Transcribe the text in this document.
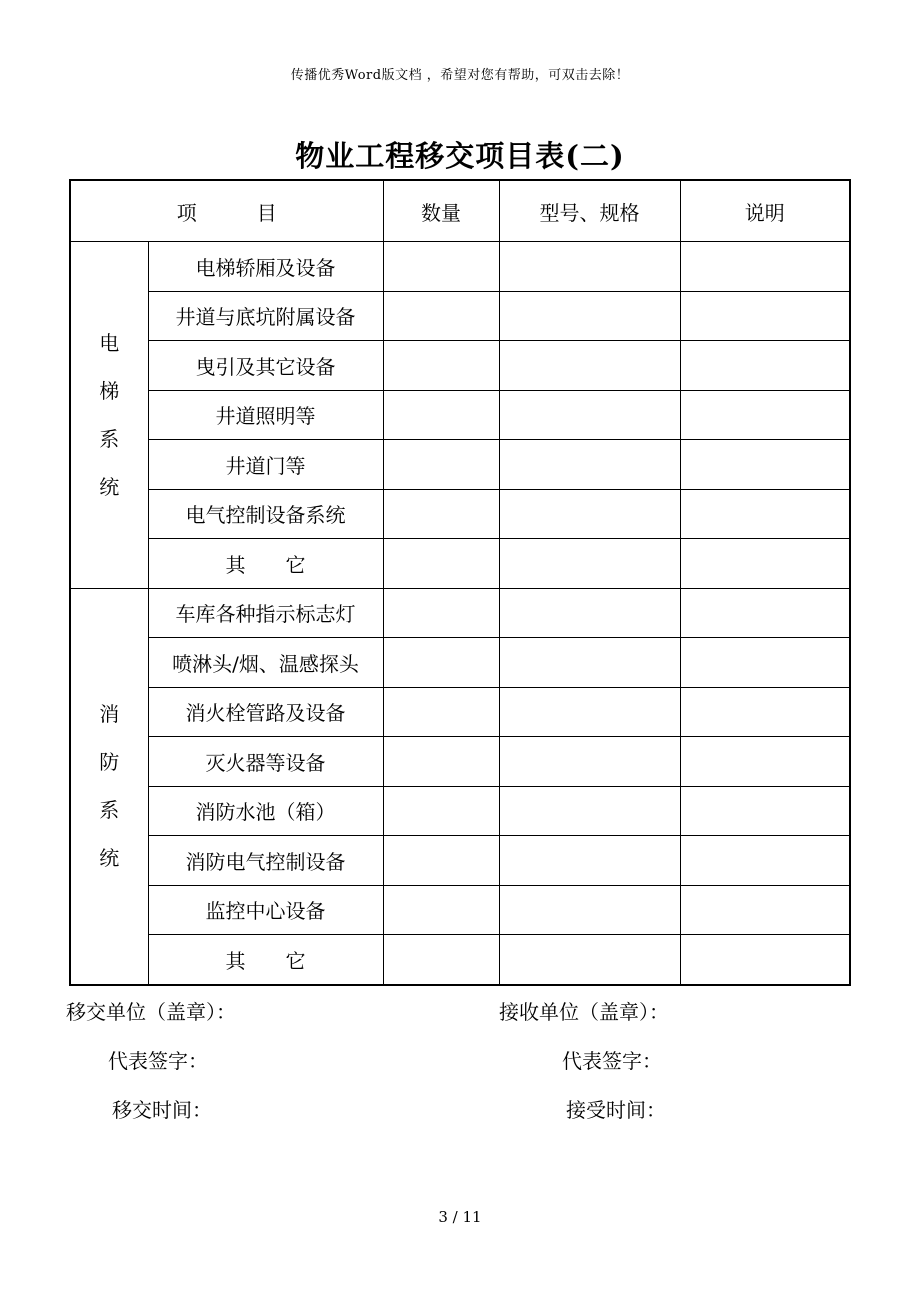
传播优秀Word版文档 ，希望对您有帮助，可双击去除！
物业工程移交项目表(二)
项　　　目		数量	型号、规格	说明

电
梯
系
统	电梯轿厢及设备			
	井道与底坑附属设备			
	曳引及其它设备			
	井道照明等			
	井道门等			
	电气控制设备系统			
	其　　它			

消
防
系
统	车库各种指示标志灯			
	喷淋头/烟、温感探头			
	消火栓管路及设备			
	灭火器等设备			
	消防水池（箱）			
	消防电气控制设备			
	监控中心设备			
	其　　它			
移交单位（盖章）：	接收单位（盖章）：
代表签字：	代表签字：
移交时间：	接受时间：
3 / 11
